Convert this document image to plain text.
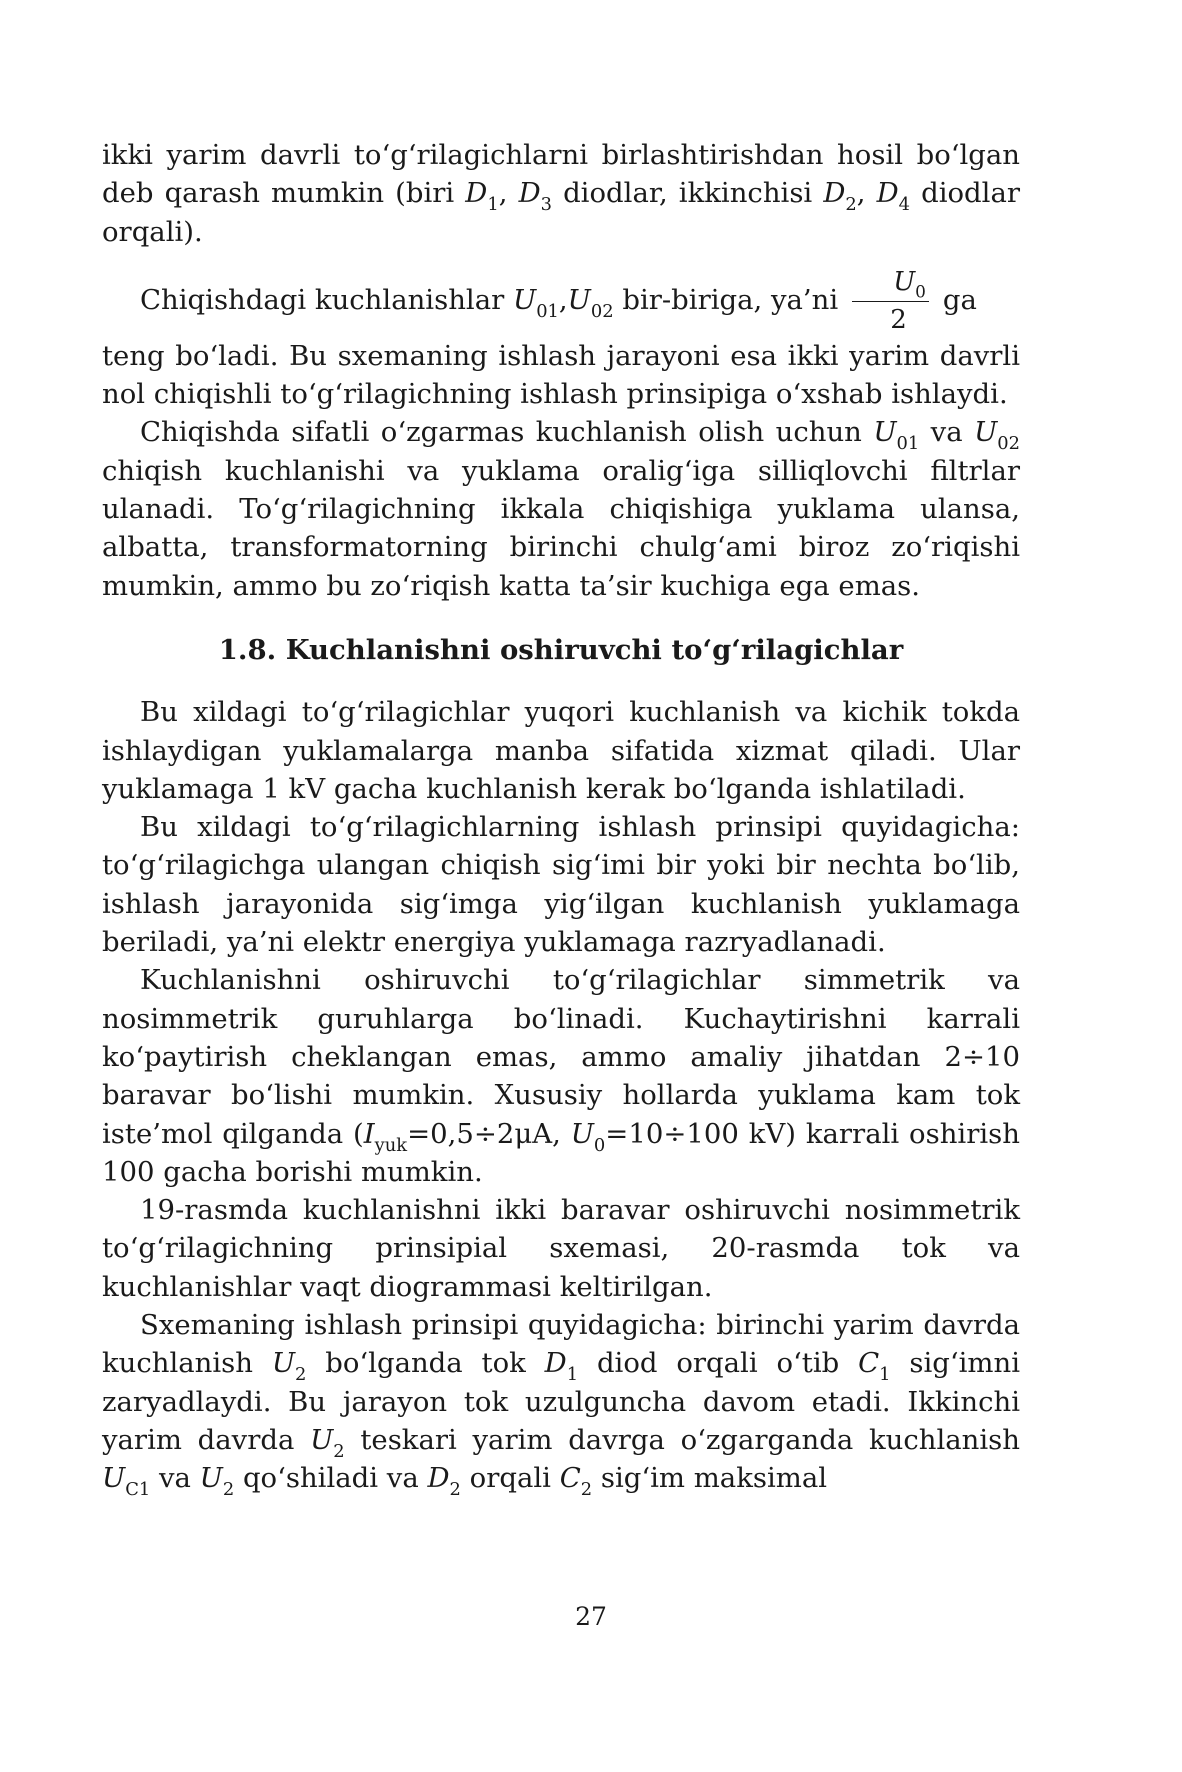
ikki yarim davrli to‘g‘rilagichlarni birlashtirishdan hosil bo‘lgan deb qarash mumkin (biri $D_1$, $D_3$ diodlar, ikkinchisi $D_2$, $D_4$ diodlar orqali).

Chiqishdagi kuchlanishlar $U_{01},U_{02}$ bir-biriga, ya’ni $\frac{U_0}{2}$ ga

teng bo‘ladi. Bu sxemaning ishlash jarayoni esa ikki yarim davrli nol chiqishli to‘g‘rilagichning ishlash prinsipiga o‘xshab ishlaydi.

Chiqishda sifatli o‘zgarmas kuchlanish olish uchun $U_{01}$ va $U_{02}$ chiqish kuchlanishi va yuklama oralig‘iga silliqlovchi filtrlar ulanadi. To‘g‘rilagichning ikkala chiqishiga yuklama ulansa, albatta, transformatorning birinchi chulg‘ami biroz zo‘riqishi mumkin, ammo bu zo‘riqish katta ta’sir kuchiga ega emas.

1.8. Kuchlanishni oshiruvchi to‘g‘rilagichlar

Bu xildagi to‘g‘rilagichlar yuqori kuchlanish va kichik tokda ishlaydigan yuklamalarga manba sifatida xizmat qiladi. Ular yuklamaga 1 kV gacha kuchlanish kerak bo‘lganda ishlatiladi.

Bu xildagi to‘g‘rilagichlarning ishlash prinsipi quyidagicha: to‘g‘rilagichga ulangan chiqish sig‘imi bir yoki bir nechta bo‘lib, ishlash jarayonida sig‘imga yig‘ilgan kuchlanish yuklamaga beriladi, ya’ni elektr energiya yuklamaga razryadlanadi.

Kuchlanishni oshiruvchi to‘g‘rilagichlar simmetrik va nosimmetrik guruhlarga bo‘linadi. Kuchaytirishni karrali ko‘paytirish cheklangan emas, ammo amaliy jihatdan 2÷10 baravar bo‘lishi mumkin. Xususiy hollarda yuklama kam tok iste’mol qilganda ($I_{yuk}=0,5\div 2\mu A$, $U_0=10\div 100$ kV) karrali oshirish 100 gacha borishi mumkin.

19-rasmda kuchlanishni ikki baravar oshiruvchi nosimmetrik to‘g‘rilagichning prinsipial sxemasi, 20-rasmda tok va kuchlanishlar vaqt diogrammasi keltirilgan.

Sxemaning ishlash prinsipi quyidagicha: birinchi yarim davrda kuchlanish $U_2$ bo‘lganda tok $D_1$ diod orqali o‘tib $C_1$ sig‘imni zaryadlaydi. Bu jarayon tok uzulguncha davom etadi. Ikkinchi yarim davrda $U_2$ teskari yarim davrga o‘zgarganda kuchlanish $U_{C1}$ va $U_2$ qo‘shiladi va $D_2$ orqali $C_2$ sig‘im maksimal

27
